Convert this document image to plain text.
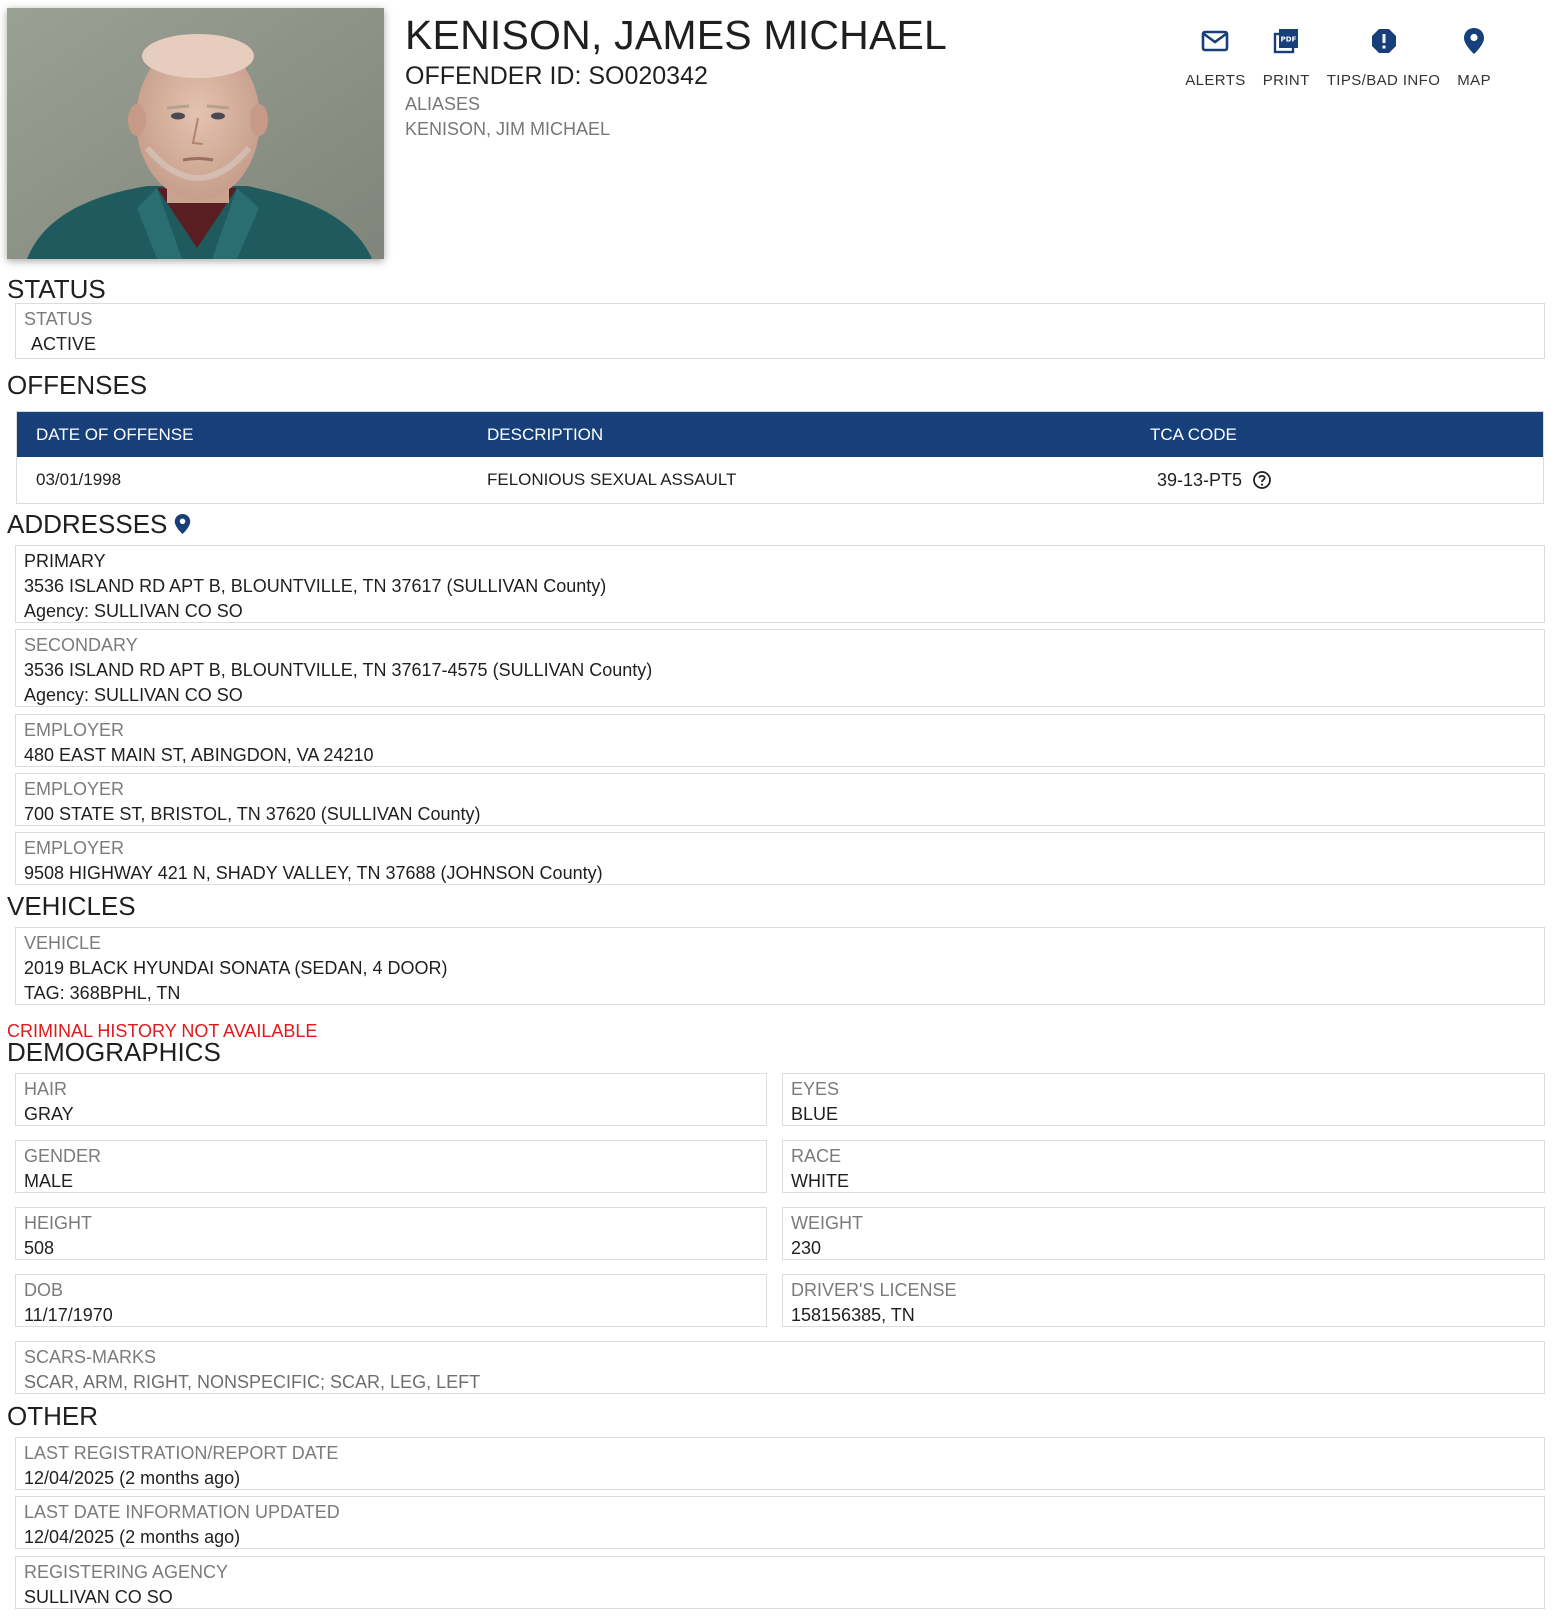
KENISON, JAMES MICHAEL
OFFENDER ID: SO020342
ALIASES
KENISON, JIM MICHAEL
ALERTS
PDF
PRINT TIPS/BAD INFO MAP
STATUS
STATUS
ACTIVE
OFFENSES
DATE OF OFFENSE	DESCRIPTION	TCA CODE
03/01/1998	FELONIOUS SEXUAL ASSAULT	39-13-PT5
ADDRESSES
PRIMARY
3536 ISLAND RD APT B, BLOUNTVILLE, TN 37617 (SULLIVAN County)
Agency: SULLIVAN CO SO
SECONDARY
3536 ISLAND RD APT B, BLOUNTVILLE, TN 37617-4575 (SULLIVAN County)
Agency: SULLIVAN CO SO
EMPLOYER
480 EAST MAIN ST, ABINGDON, VA 24210
EMPLOYER
700 STATE ST, BRISTOL, TN 37620 (SULLIVAN County)
EMPLOYER
9508 HIGHWAY 421 N, SHADY VALLEY, TN 37688 (JOHNSON County)
VEHICLES
VEHICLE
2019 BLACK HYUNDAI SONATA (SEDAN, 4 DOOR)
TAG: 368BPHL, TN
CRIMINAL HISTORY NOT AVAILABLE
DEMOGRAPHICS
HAIR
GRAY
EYES
BLUE
GENDER
MALE
RACE
WHITE
HEIGHT
508
WEIGHT
230
DOB
11/17/1970
DRIVER'S LICENSE
158156385, TN
SCARS-MARKS
SCAR, ARM, RIGHT, NONSPECIFIC; SCAR, LEG, LEFT
OTHER
LAST REGISTRATION/REPORT DATE
12/04/2025 (2 months ago)
LAST DATE INFORMATION UPDATED
12/04/2025 (2 months ago)
REGISTERING AGENCY
SULLIVAN CO SO
